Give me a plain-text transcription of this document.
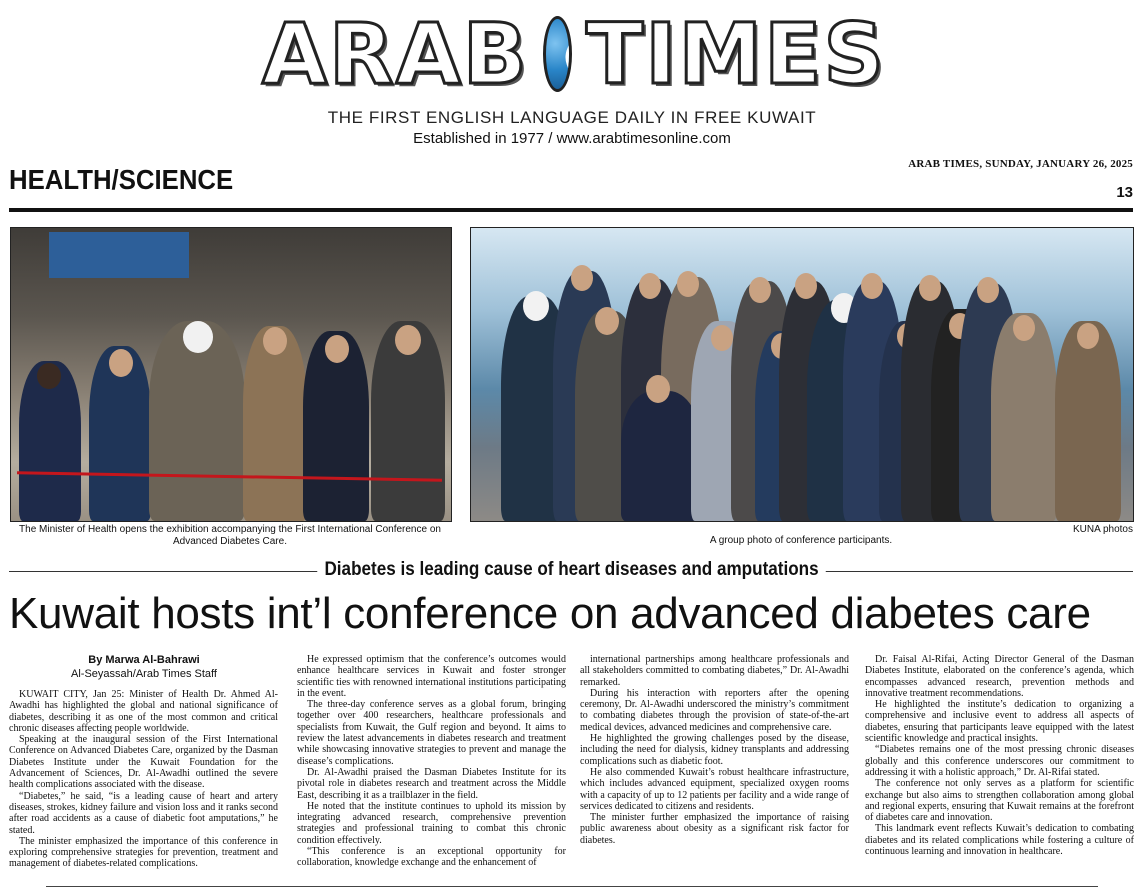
ARAB TIMES
THE FIRST ENGLISH LANGUAGE DAILY IN FREE KUWAIT
Established in 1977 / www.arabtimesonline.com
HEALTH/SCIENCE	ARAB TIMES, SUNDAY, JANUARY 26, 2025
13
The Minister of Health opens the exhibition accompanying the First International Conference on Advanced Diabetes Care.
KUNA photos
A group photo of conference participants.
Diabetes is leading cause of heart diseases and amputations
Kuwait hosts int’l conference on advanced diabetes care
By Marwa Al-Bahrawi
Al-Seyassah/Arab Times Staff

KUWAIT CITY, Jan 25: Minister of Health Dr. Ahmed Al-Awadhi has highlighted the global and national significance of diabetes, describing it as one of the most common and critical chronic diseases affecting people worldwide.

Speaking at the inaugural session of the First International Conference on Advanced Diabetes Care, organized by the Dasman Diabetes Institute under the Kuwait Foundation for the Advancement of Sciences, Dr. Al-Awadhi outlined the severe health complications associated with the disease.

“Diabetes,” he said, “is a leading cause of heart and artery diseases, strokes, kidney failure and vision loss and it ranks second after road accidents as a cause of diabetic foot amputations,” he stated.

The minister emphasized the importance of this conference in exploring comprehensive strategies for prevention, treatment and management of diabetes-related complications.

He expressed optimism that the conference’s outcomes would enhance healthcare services in Kuwait and foster stronger scientific ties with renowned international institutions participating in the event.

The three-day conference serves as a global forum, bringing together over 400 researchers, healthcare professionals and specialists from Kuwait, the Gulf region and beyond. It aims to review the latest advancements in diabetes research and treatment while showcasing innovative strategies to prevent and manage the disease’s complications.

Dr. Al-Awadhi praised the Dasman Diabetes Institute for its pivotal role in diabetes research and treatment across the Middle East, describing it as a trailblazer in the field.

He noted that the institute continues to uphold its mission by integrating advanced research, comprehensive prevention strategies and professional training to combat this chronic condition effectively.

“This conference is an exceptional opportunity for collaboration, knowledge exchange and the enhancement of

international partnerships among healthcare professionals and all stakeholders committed to combating diabetes,” Dr. Al-Awadhi remarked.

During his interaction with reporters after the opening ceremony, Dr. Al-Awadhi underscored the ministry’s commitment to combating diabetes through the provision of state-of-the-art medical devices, advanced medicines and comprehensive care.

He highlighted the growing challenges posed by the disease, including the need for dialysis, kidney transplants and addressing complications such as diabetic foot.

He also commended Kuwait’s robust healthcare infrastructure, which includes advanced equipment, specialized oxygen rooms with a capacity of up to 12 patients per facility and a wide range of services dedicated to citizens and residents.

The minister further emphasized the importance of raising public awareness about obesity as a significant risk factor for diabetes.

Dr. Faisal Al-Rifai, Acting Director General of the Dasman Diabetes Institute, elaborated on the conference’s agenda, which encompasses advanced research, prevention methods and innovative treatment recommendations.

He highlighted the institute’s dedication to organizing a comprehensive and inclusive event to address all aspects of diabetes, ensuring that participants leave equipped with the latest scientific knowledge and practical insights.

“Diabetes remains one of the most pressing chronic diseases globally and this conference underscores our commitment to addressing it with a holistic approach,” Dr. Al-Rifai stated.

The conference not only serves as a platform for scientific exchange but also aims to strengthen collaboration among global and regional experts, ensuring that Kuwait remains at the forefront of diabetes care and innovation.

This landmark event reflects Kuwait’s dedication to combating diabetes and its related complications while fostering a culture of continuous learning and innovation in healthcare.
